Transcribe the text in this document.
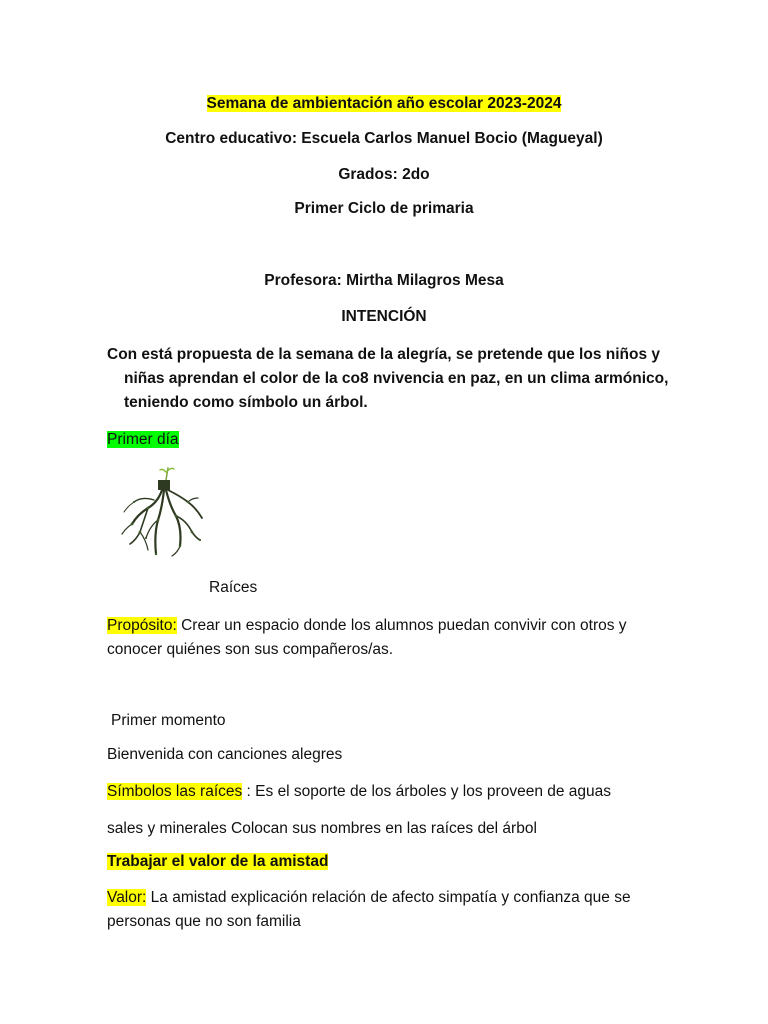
Semana de ambientación año escolar 2023-2024
Centro educativo: Escuela Carlos Manuel Bocio (Magueyal)
Grados: 2do
Primer Ciclo de primaria
Profesora: Mirtha Milagros Mesa
INTENCIÓN
Con está propuesta de la semana de la alegría, se pretende que los niños y niñas aprendan el color de la co8 nvivencia en paz, en un clima armónico, teniendo como símbolo un árbol.
Primer día
Raíces
Propósito: Crear un espacio donde los alumnos puedan convivir con otros y
conocer quiénes son sus compañeros/as.
Primer momento
Bienvenida con canciones alegres
Símbolos las raíces : Es el soporte de los árboles y los proveen de aguas
sales y minerales Colocan sus nombres en las raíces del árbol
Trabajar el valor de la amistad
Valor: La amistad explicación relación de afecto simpatía y confianza que se
personas que no son familia
